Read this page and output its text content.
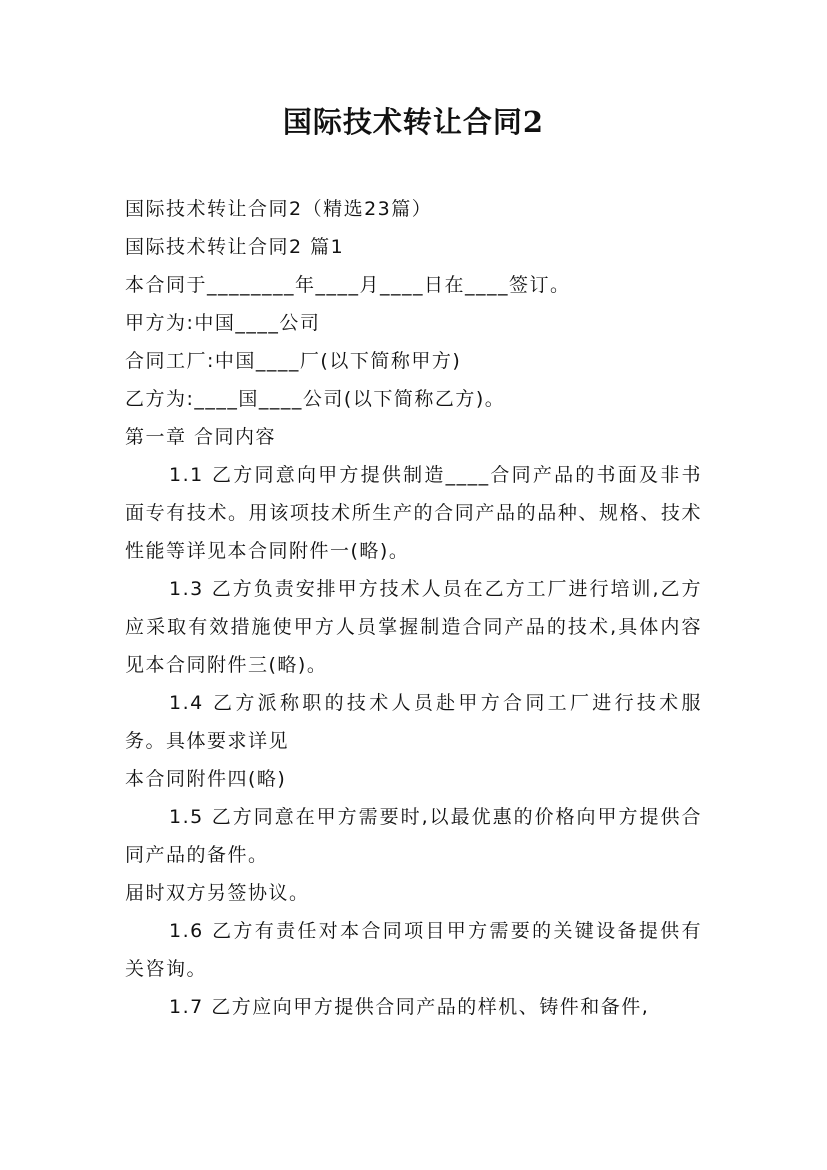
国际技术转让合同2

国际技术转让合同2（精选23篇）

国际技术转让合同2 篇1

本合同于________年____月____日在____签订。

甲方为:中国____公司

合同工厂:中国____厂(以下简称甲方)

乙方为:____国____公司(以下简称乙方)。

第一章 合同内容

1.1 乙方同意向甲方提供制造____合同产品的书面及非书面专有技术。用该项技术所生产的合同产品的品种、规格、技术性能等详见本合同附件一(略)。

1.3 乙方负责安排甲方技术人员在乙方工厂进行培训,乙方应采取有效措施使甲方人员掌握制造合同产品的技术,具体内容见本合同附件三(略)。

1.4 乙方派称职的技术人员赴甲方合同工厂进行技术服务。具体要求详见

本合同附件四(略)

1.5 乙方同意在甲方需要时,以最优惠的价格向甲方提供合同产品的备件。

届时双方另签协议。

1.6 乙方有责任对本合同项目甲方需要的关键设备提供有关咨询。

1.7 乙方应向甲方提供合同产品的样机、铸件和备件,
